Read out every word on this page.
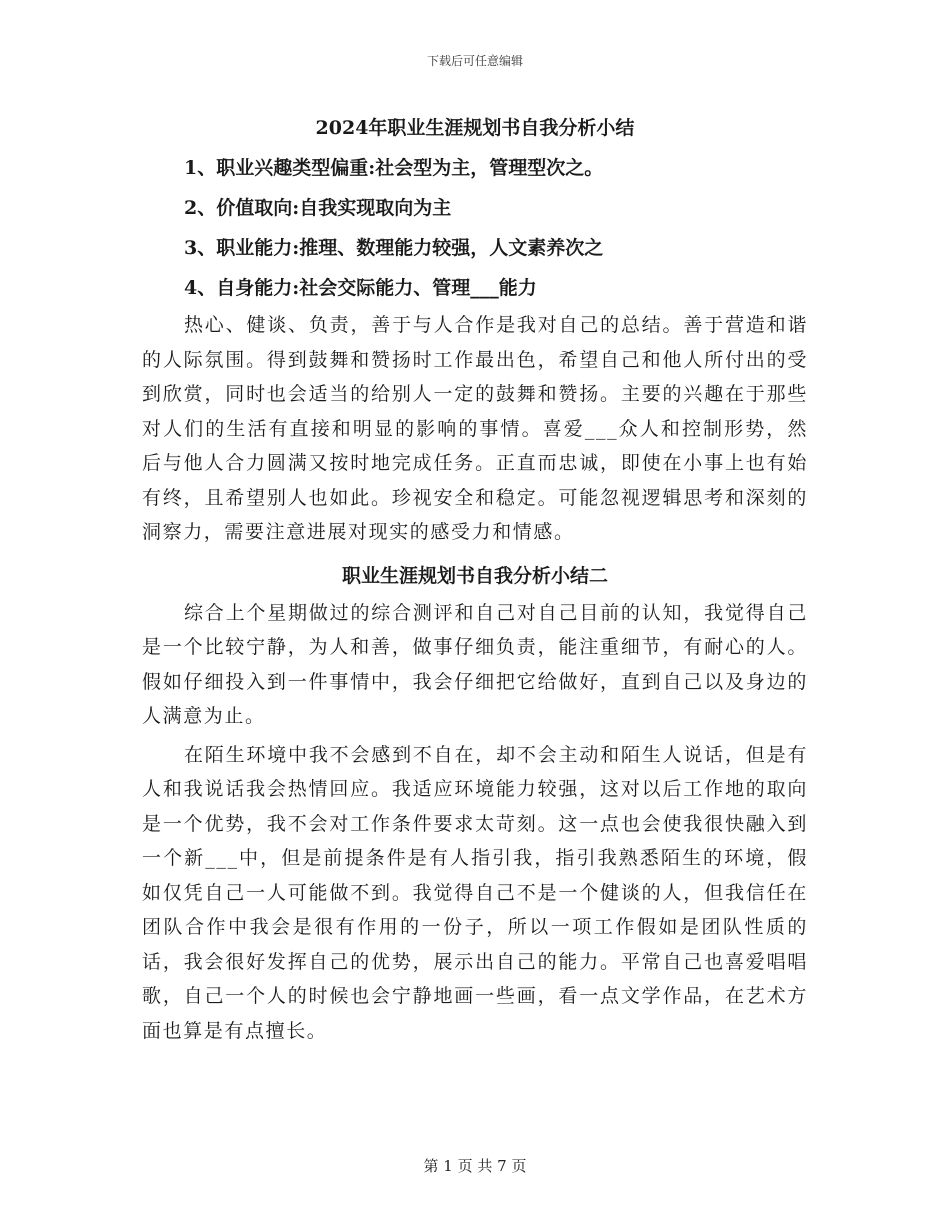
下载后可任意编辑
2024年职业生涯规划书自我分析小结

1、职业兴趣类型偏重:社会型为主，管理型次之。

2、价值取向:自我实现取向为主

3、职业能力:推理、数理能力较强，人文素养次之

4、自身能力:社会交际能力、管理___能力

热心、健谈、负责，善于与人合作是我对自己的总结。善于营造和谐的人际氛围。得到鼓舞和赞扬时工作最出色，希望自己和他人所付出的受到欣赏，同时也会适当的给别人一定的鼓舞和赞扬。主要的兴趣在于那些对人们的生活有直接和明显的影响的事情。喜爱___众人和控制形势，然后与他人合力圆满又按时地完成任务。正直而忠诚，即使在小事上也有始有终，且希望别人也如此。珍视安全和稳定。可能忽视逻辑思考和深刻的洞察力，需要注意进展对现实的感受力和情感。

职业生涯规划书自我分析小结二

综合上个星期做过的综合测评和自己对自己目前的认知，我觉得自己是一个比较宁静，为人和善，做事仔细负责，能注重细节，有耐心的人。假如仔细投入到一件事情中，我会仔细把它给做好，直到自己以及身边的人满意为止。

在陌生环境中我不会感到不自在，却不会主动和陌生人说话，但是有人和我说话我会热情回应。我适应环境能力较强，这对以后工作地的取向是一个优势，我不会对工作条件要求太苛刻。这一点也会使我很快融入到一个新___中，但是前提条件是有人指引我，指引我熟悉陌生的环境，假如仅凭自己一人可能做不到。我觉得自己不是一个健谈的人，但我信任在团队合作中我会是很有作用的一份子，所以一项工作假如是团队性质的话，我会很好发挥自己的优势，展示出自己的能力。平常自己也喜爱唱唱歌，自己一个人的时候也会宁静地画一些画，看一点文学作品，在艺术方面也算是有点擅长。

第 1 页 共 7 页
